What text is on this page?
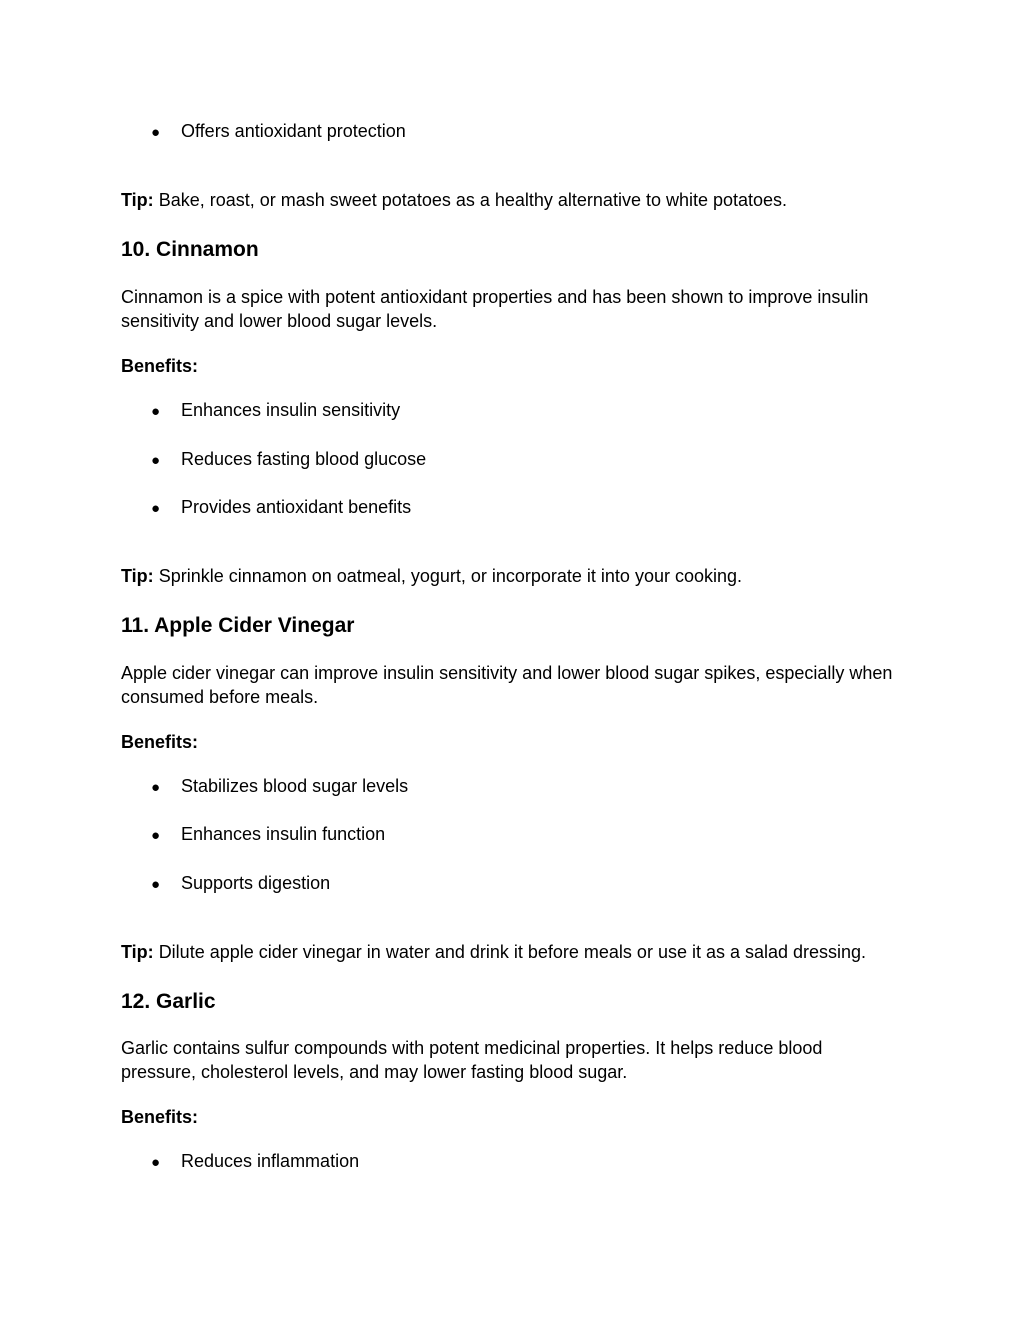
● Offers antioxidant protection
Tip: Bake, roast, or mash sweet potatoes as a healthy alternative to white potatoes.
10. Cinnamon
Cinnamon is a spice with potent antioxidant properties and has been shown to improve insulin sensitivity and lower blood sugar levels.
Benefits:
● Enhances insulin sensitivity
● Reduces fasting blood glucose
● Provides antioxidant benefits
Tip: Sprinkle cinnamon on oatmeal, yogurt, or incorporate it into your cooking.
11. Apple Cider Vinegar
Apple cider vinegar can improve insulin sensitivity and lower blood sugar spikes, especially when consumed before meals.
Benefits:
● Stabilizes blood sugar levels
● Enhances insulin function
● Supports digestion
Tip: Dilute apple cider vinegar in water and drink it before meals or use it as a salad dressing.
12. Garlic
Garlic contains sulfur compounds with potent medicinal properties. It helps reduce blood pressure, cholesterol levels, and may lower fasting blood sugar.
Benefits:
● Reduces inflammation
